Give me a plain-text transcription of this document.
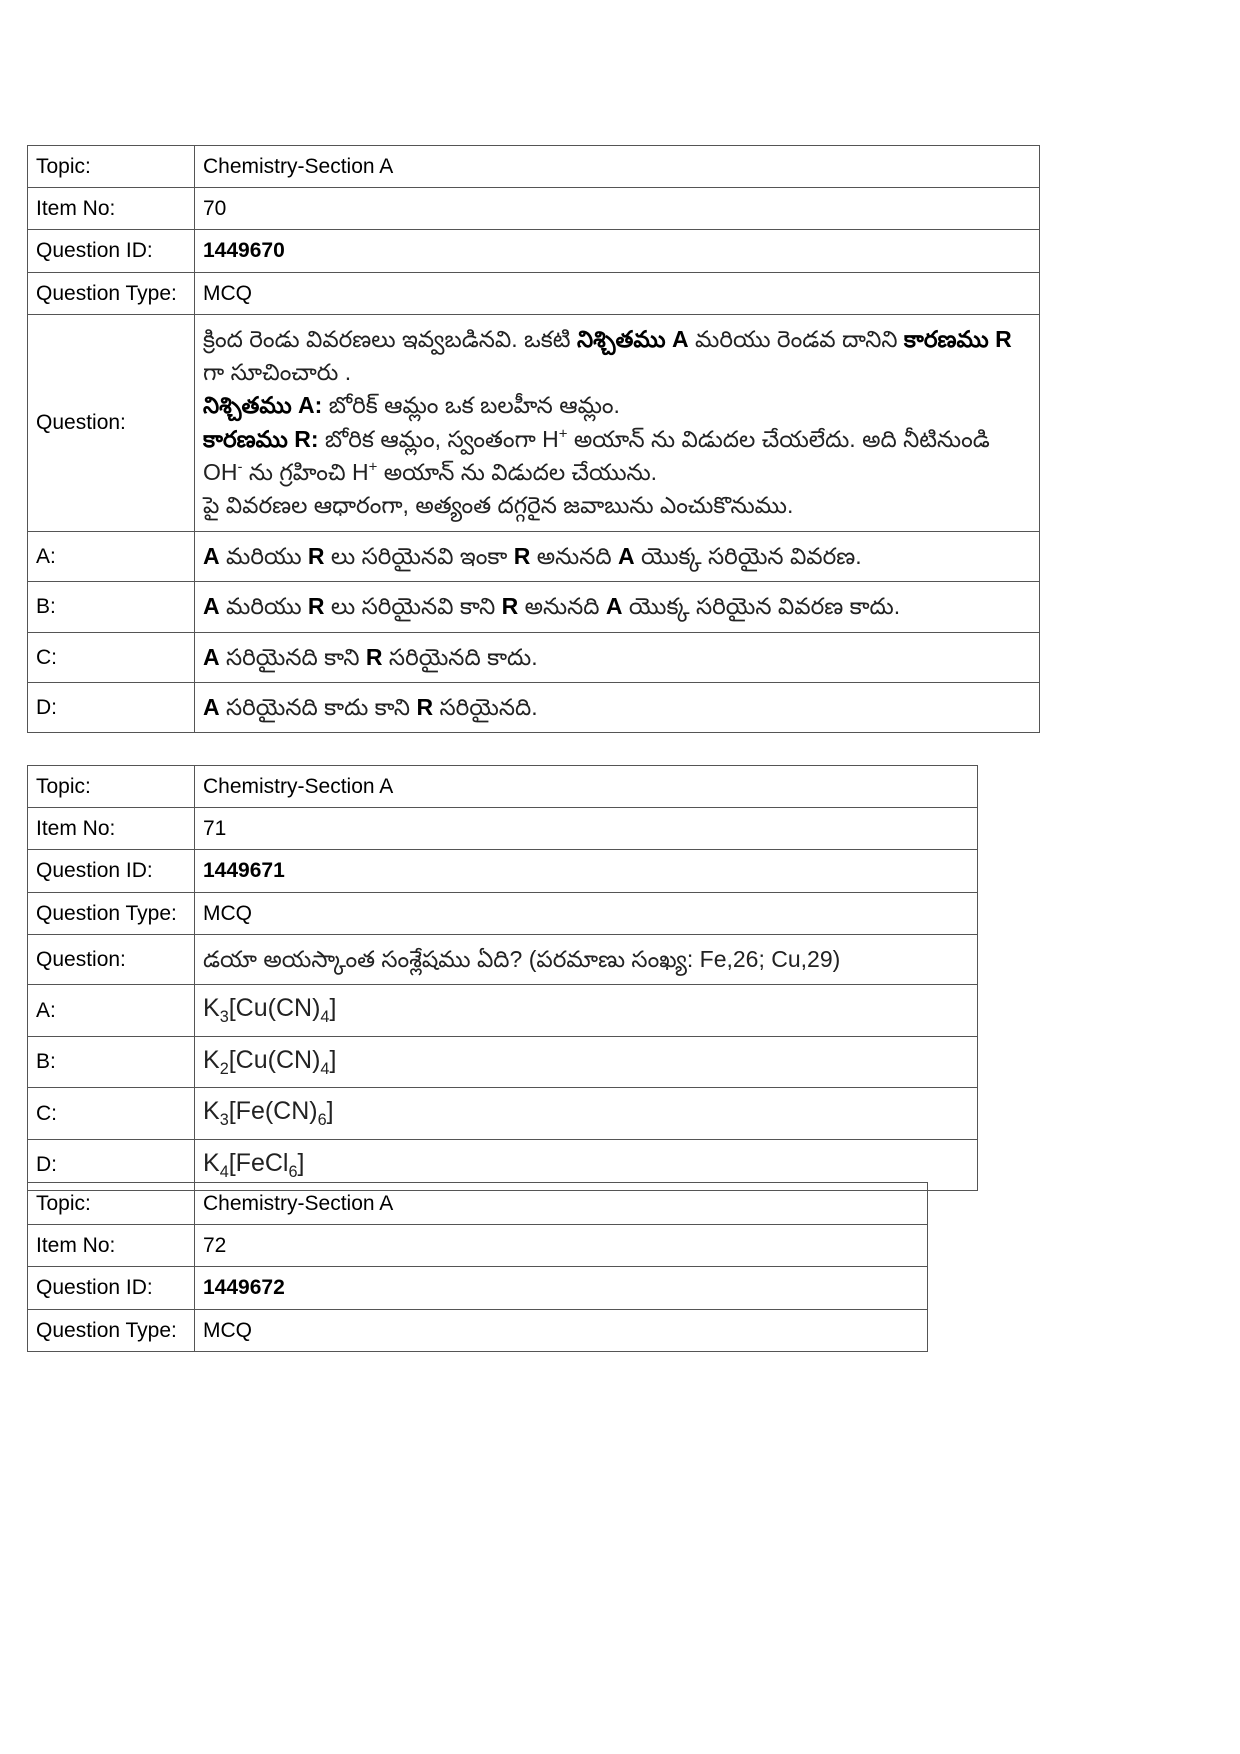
Topic:	Chemistry-Section A
Item No:	70
Question ID:	1449670
Question Type:	MCQ
Question:	క్రింద రెండు వివరణలు ఇవ్వబడినవి. ఒకటి నిశ్చితము A మరియు రెండవ దానిని కారణము R గా సూచించారు .
నిశ్చితము A: బోరిక్ ఆమ్లం ఒక బలహీన ఆమ్లం.
కారణము R: బోరిక ఆమ్లం, స్వంతంగా H+ అయాన్ ను విడుదల చేయలేదు. అది నీటినుండి OH- ను గ్రహించి H+ అయాన్ ను విడుదల చేయును.
పై వివరణల ఆధారంగా, అత్యంత దగ్గరైన జవాబును ఎంచుకొనుము.
A:	A మరియు R లు సరియైనవి ఇంకా R అనునది A యొక్క సరియైన వివరణ.
B:	A మరియు R లు సరియైనవి కాని R అనునది A యొక్క సరియైన వివరణ కాదు.
C:	A సరియైనది కాని R సరియైనది కాదు.
D:	A సరియైనది కాదు కాని R సరియైనది.
Topic:	Chemistry-Section A
Item No:	71
Question ID:	1449671
Question Type:	MCQ
Question:	డయా అయస్కాంత సంశ్లేషము ఏది? (పరమాణు సంఖ్య: Fe,26; Cu,29)
A:	$K_3[Cu(CN)_4]$
B:	$K_2[Cu(CN)_4]$
C:	$K_3[Fe(CN)_6]$
D:	$K_4[FeCl_6]$
Topic:	Chemistry-Section A
Item No:	72
Question ID:	1449672
Question Type:	MCQ
